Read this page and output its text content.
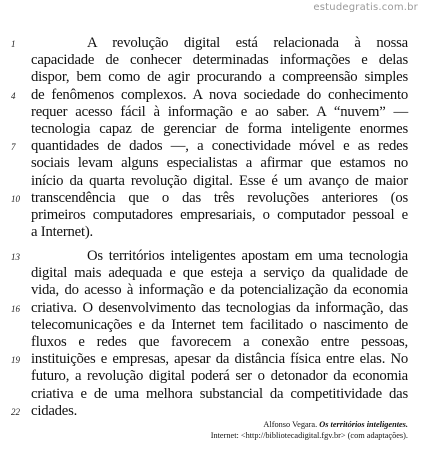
estudegratis.com.br
1
4
7
10
13
16
19
22
A revolução digital está relacionada à nossa
capacidade de conhecer determinadas informações e delas
dispor, bem como de agir procurando a compreensão simples
de fenômenos complexos. A nova sociedade do conhecimento
requer acesso fácil à informação e ao saber. A “nuvem” —
tecnologia capaz de gerenciar de forma inteligente enormes
quantidades de dados —, a conectividade móvel e as redes
sociais levam alguns especialistas a afirmar que estamos no
início da quarta revolução digital. Esse é um avanço de maior
transcendência que o das três revoluções anteriores (os
primeiros computadores empresariais, o computador pessoal e
a Internet).
Os territórios inteligentes apostam em uma tecnologia
digital mais adequada e que esteja a serviço da qualidade de
vida, do acesso à informação e da potencialização da economia
criativa. O desenvolvimento das tecnologias da informação, das
telecomunicações e da Internet tem facilitado o nascimento de
fluxos e redes que favorecem a conexão entre pessoas,
instituições e empresas, apesar da distância física entre elas. No
futuro, a revolução digital poderá ser o detonador da economia
criativa e de uma melhora substancial da competitividade das
cidades.
Alfonso Vegara. Os territórios inteligentes.
Internet: <http://bibliotecadigital.fgv.br> (com adaptações).
